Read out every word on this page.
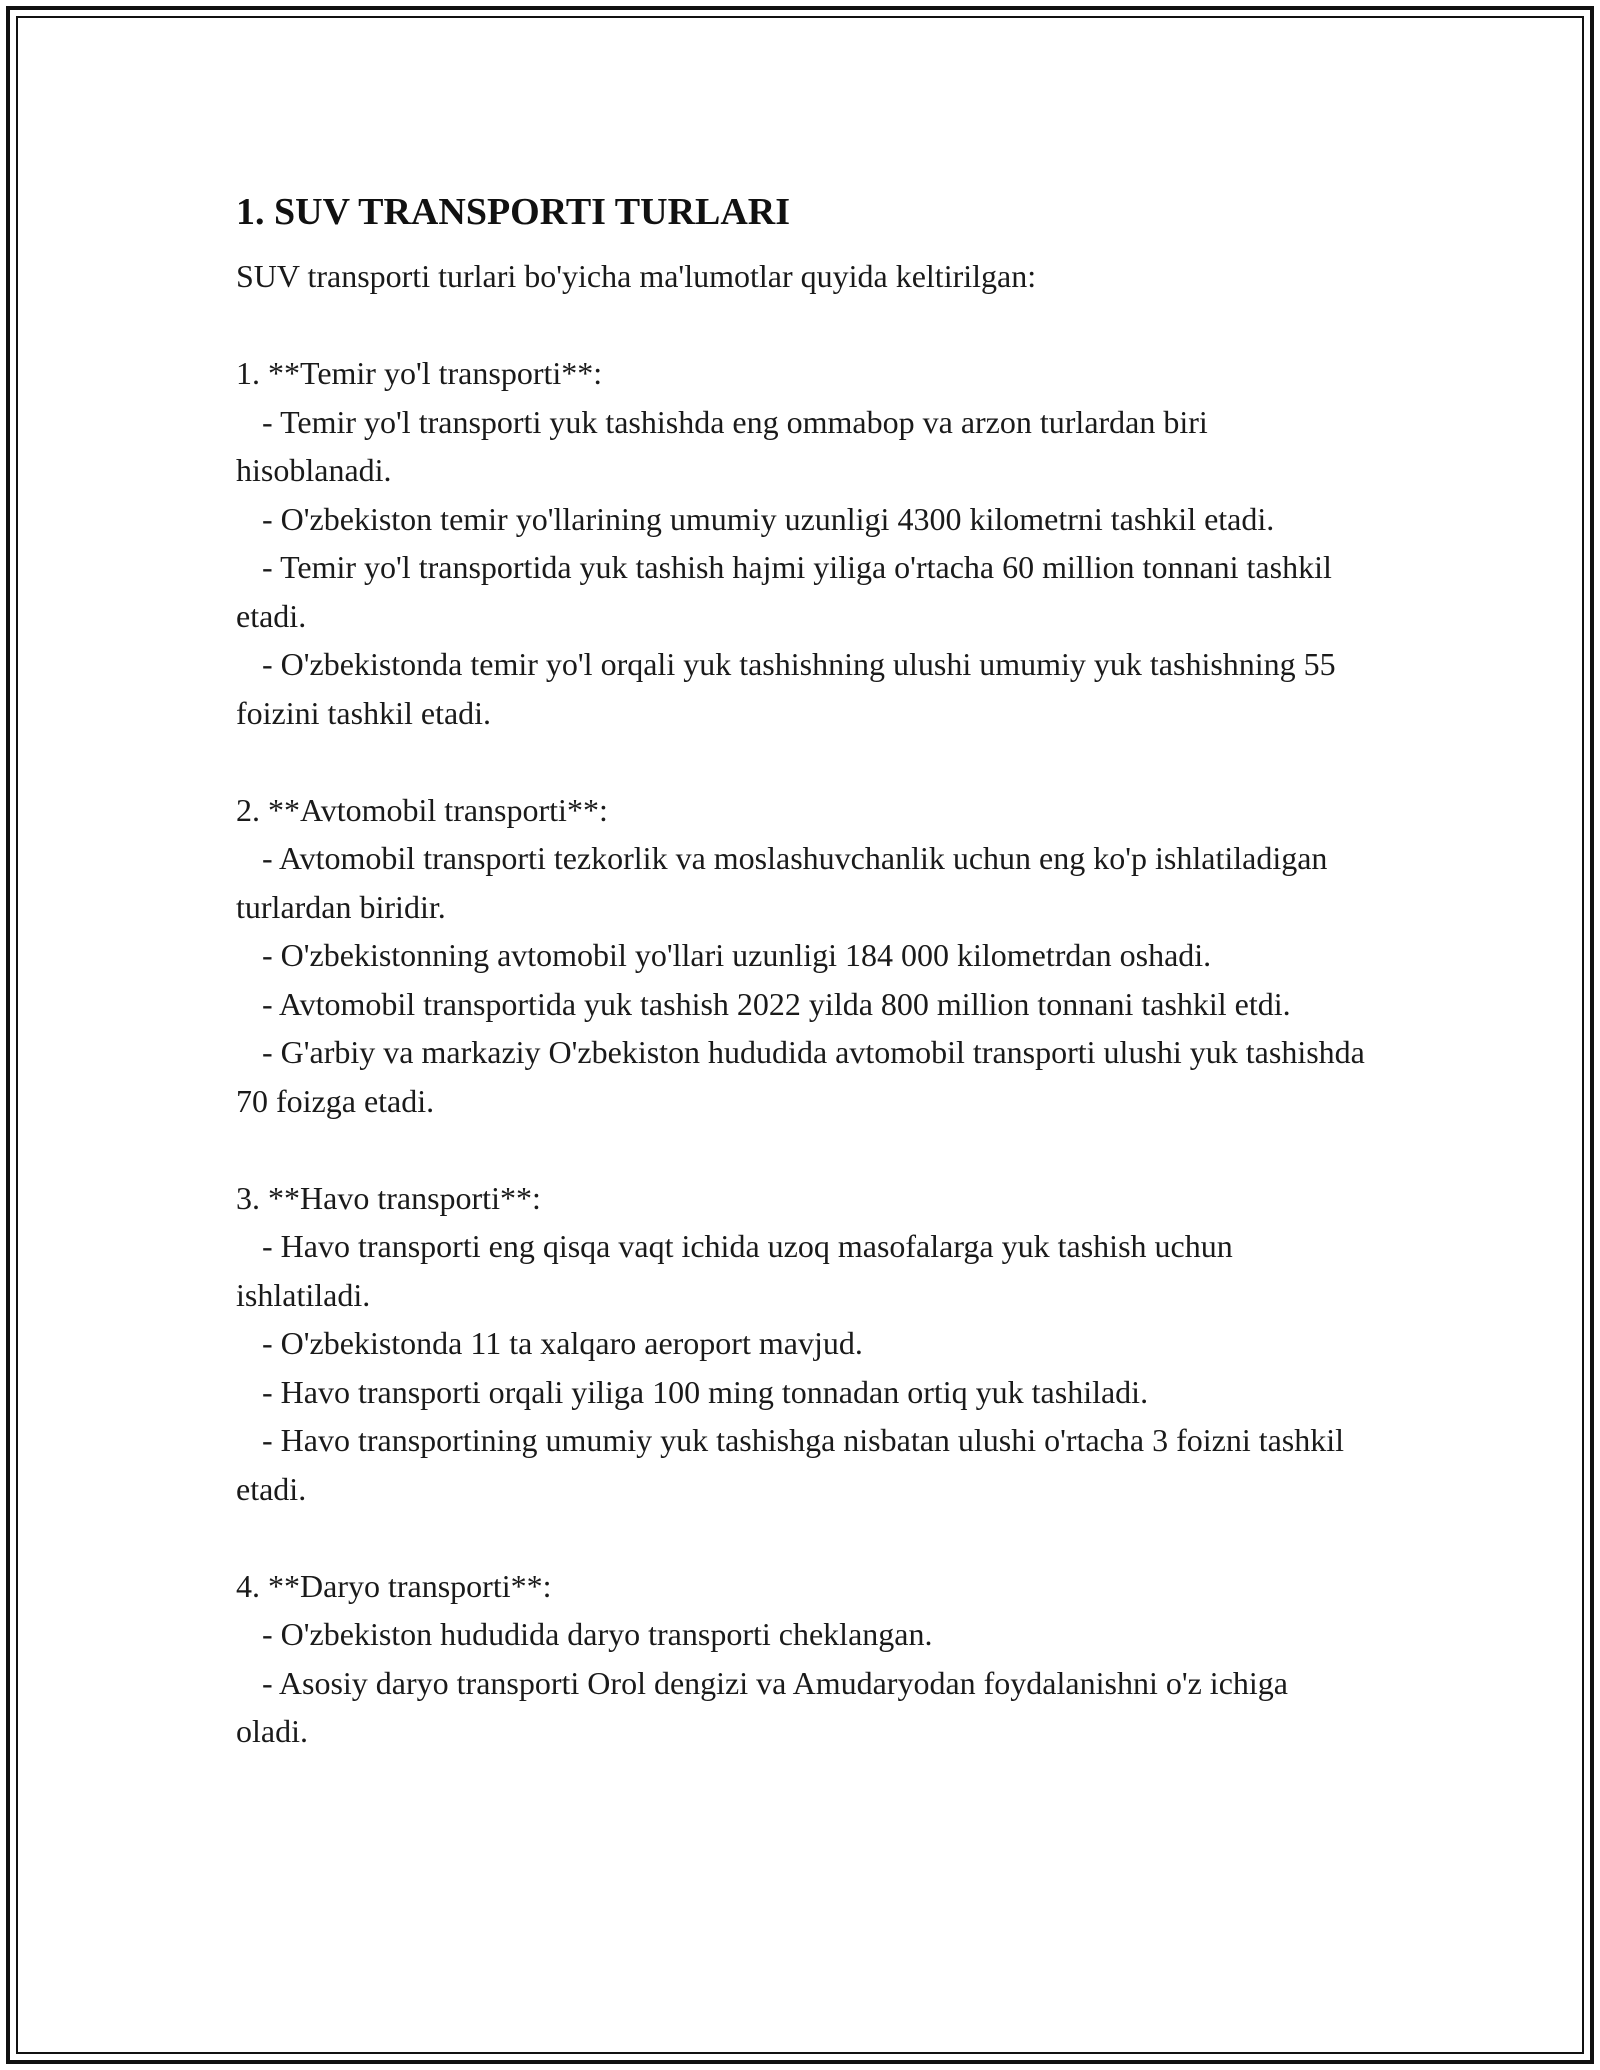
1. SUV TRANSPORTI TURLARI

SUV transporti turlari bo'yicha ma'lumotlar quyida keltirilgan:

1. **Temir yo'l transporti**:

- Temir yo'l transporti yuk tashishda eng ommabop va arzon turlardan biri hisoblanadi.

- O'zbekiston temir yo'llarining umumiy uzunligi 4300 kilometrni tashkil etadi.

- Temir yo'l transportida yuk tashish hajmi yiliga o'rtacha 60 million tonnani tashkil etadi.

- O'zbekistonda temir yo'l orqali yuk tashishning ulushi umumiy yuk tashishning 55 foizini tashkil etadi.

2. **Avtomobil transporti**:

- Avtomobil transporti tezkorlik va moslashuvchanlik uchun eng ko'p ishlatiladigan turlardan biridir.

- O'zbekistonning avtomobil yo'llari uzunligi 184 000 kilometrdan oshadi.

- Avtomobil transportida yuk tashish 2022 yilda 800 million tonnani tashkil etdi.

- G'arbiy va markaziy O'zbekiston hududida avtomobil transporti ulushi yuk tashishda 70 foizga etadi.

3. **Havo transporti**:

- Havo transporti eng qisqa vaqt ichida uzoq masofalarga yuk tashish uchun ishlatiladi.

- O'zbekistonda 11 ta xalqaro aeroport mavjud.

- Havo transporti orqali yiliga 100 ming tonnadan ortiq yuk tashiladi.

- Havo transportining umumiy yuk tashishga nisbatan ulushi o'rtacha 3 foizni tashkil etadi.

4. **Daryo transporti**:

- O'zbekiston hududida daryo transporti cheklangan.

- Asosiy daryo transporti Orol dengizi va Amudaryodan foydalanishni o'z ichiga oladi.
